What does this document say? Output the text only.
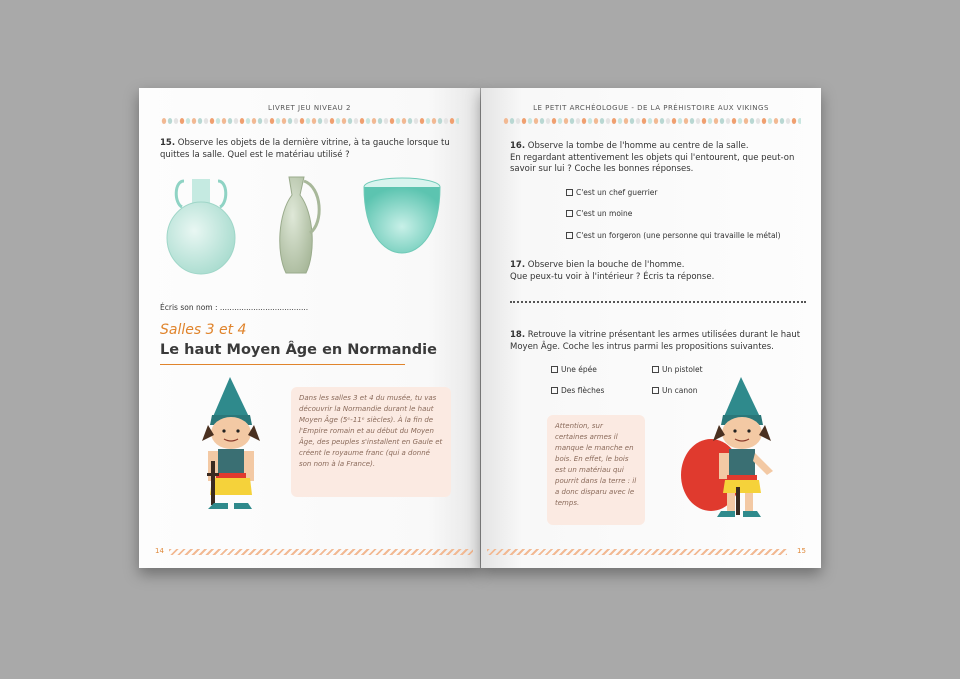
LIVRET JEU NIVEAU 2

15. Observe les objets de la dernière vitrine, à ta gauche lorsque tu quittes la salle. Quel est le matériau utilisé ?

Écris son nom : .....................................

Salles 3 et 4
Le haut Moyen Âge en Normandie
Dans les salles 3 et 4 du musée, tu vas découvrir la Normandie durant le haut Moyen Âge (5ᵉ-11ᵉ siècles). À la fin de l'Empire romain et au début du Moyen Âge, des peuples s'installent en Gaule et créent le royaume franc (qui a donné son nom à la France).
14
LE PETIT ARCHÉOLOGUE - DE LA PRÉHISTOIRE AUX VIKINGS

16. Observe la tombe de l'homme au centre de la salle.
En regardant attentivement les objets qui l'entourent, que peut-on savoir sur lui ? Coche les bonnes réponses.

C'est un chef guerrier
C'est un moine
C'est un forgeron (une personne qui travaille le métal)

17. Observe bien la bouche de l'homme.
Que peux-tu voir à l'intérieur ? Écris ta réponse.

18. Retrouve la vitrine présentant les armes utilisées durant le haut Moyen Âge. Coche les intrus parmi les propositions suivantes.

Une épée	Un pistolet
Des flèches	Un canon
Attention, sur certaines armes il manque le manche en bois. En effet, le bois est un matériau qui pourrit dans la terre : il a donc disparu avec le temps.
15
